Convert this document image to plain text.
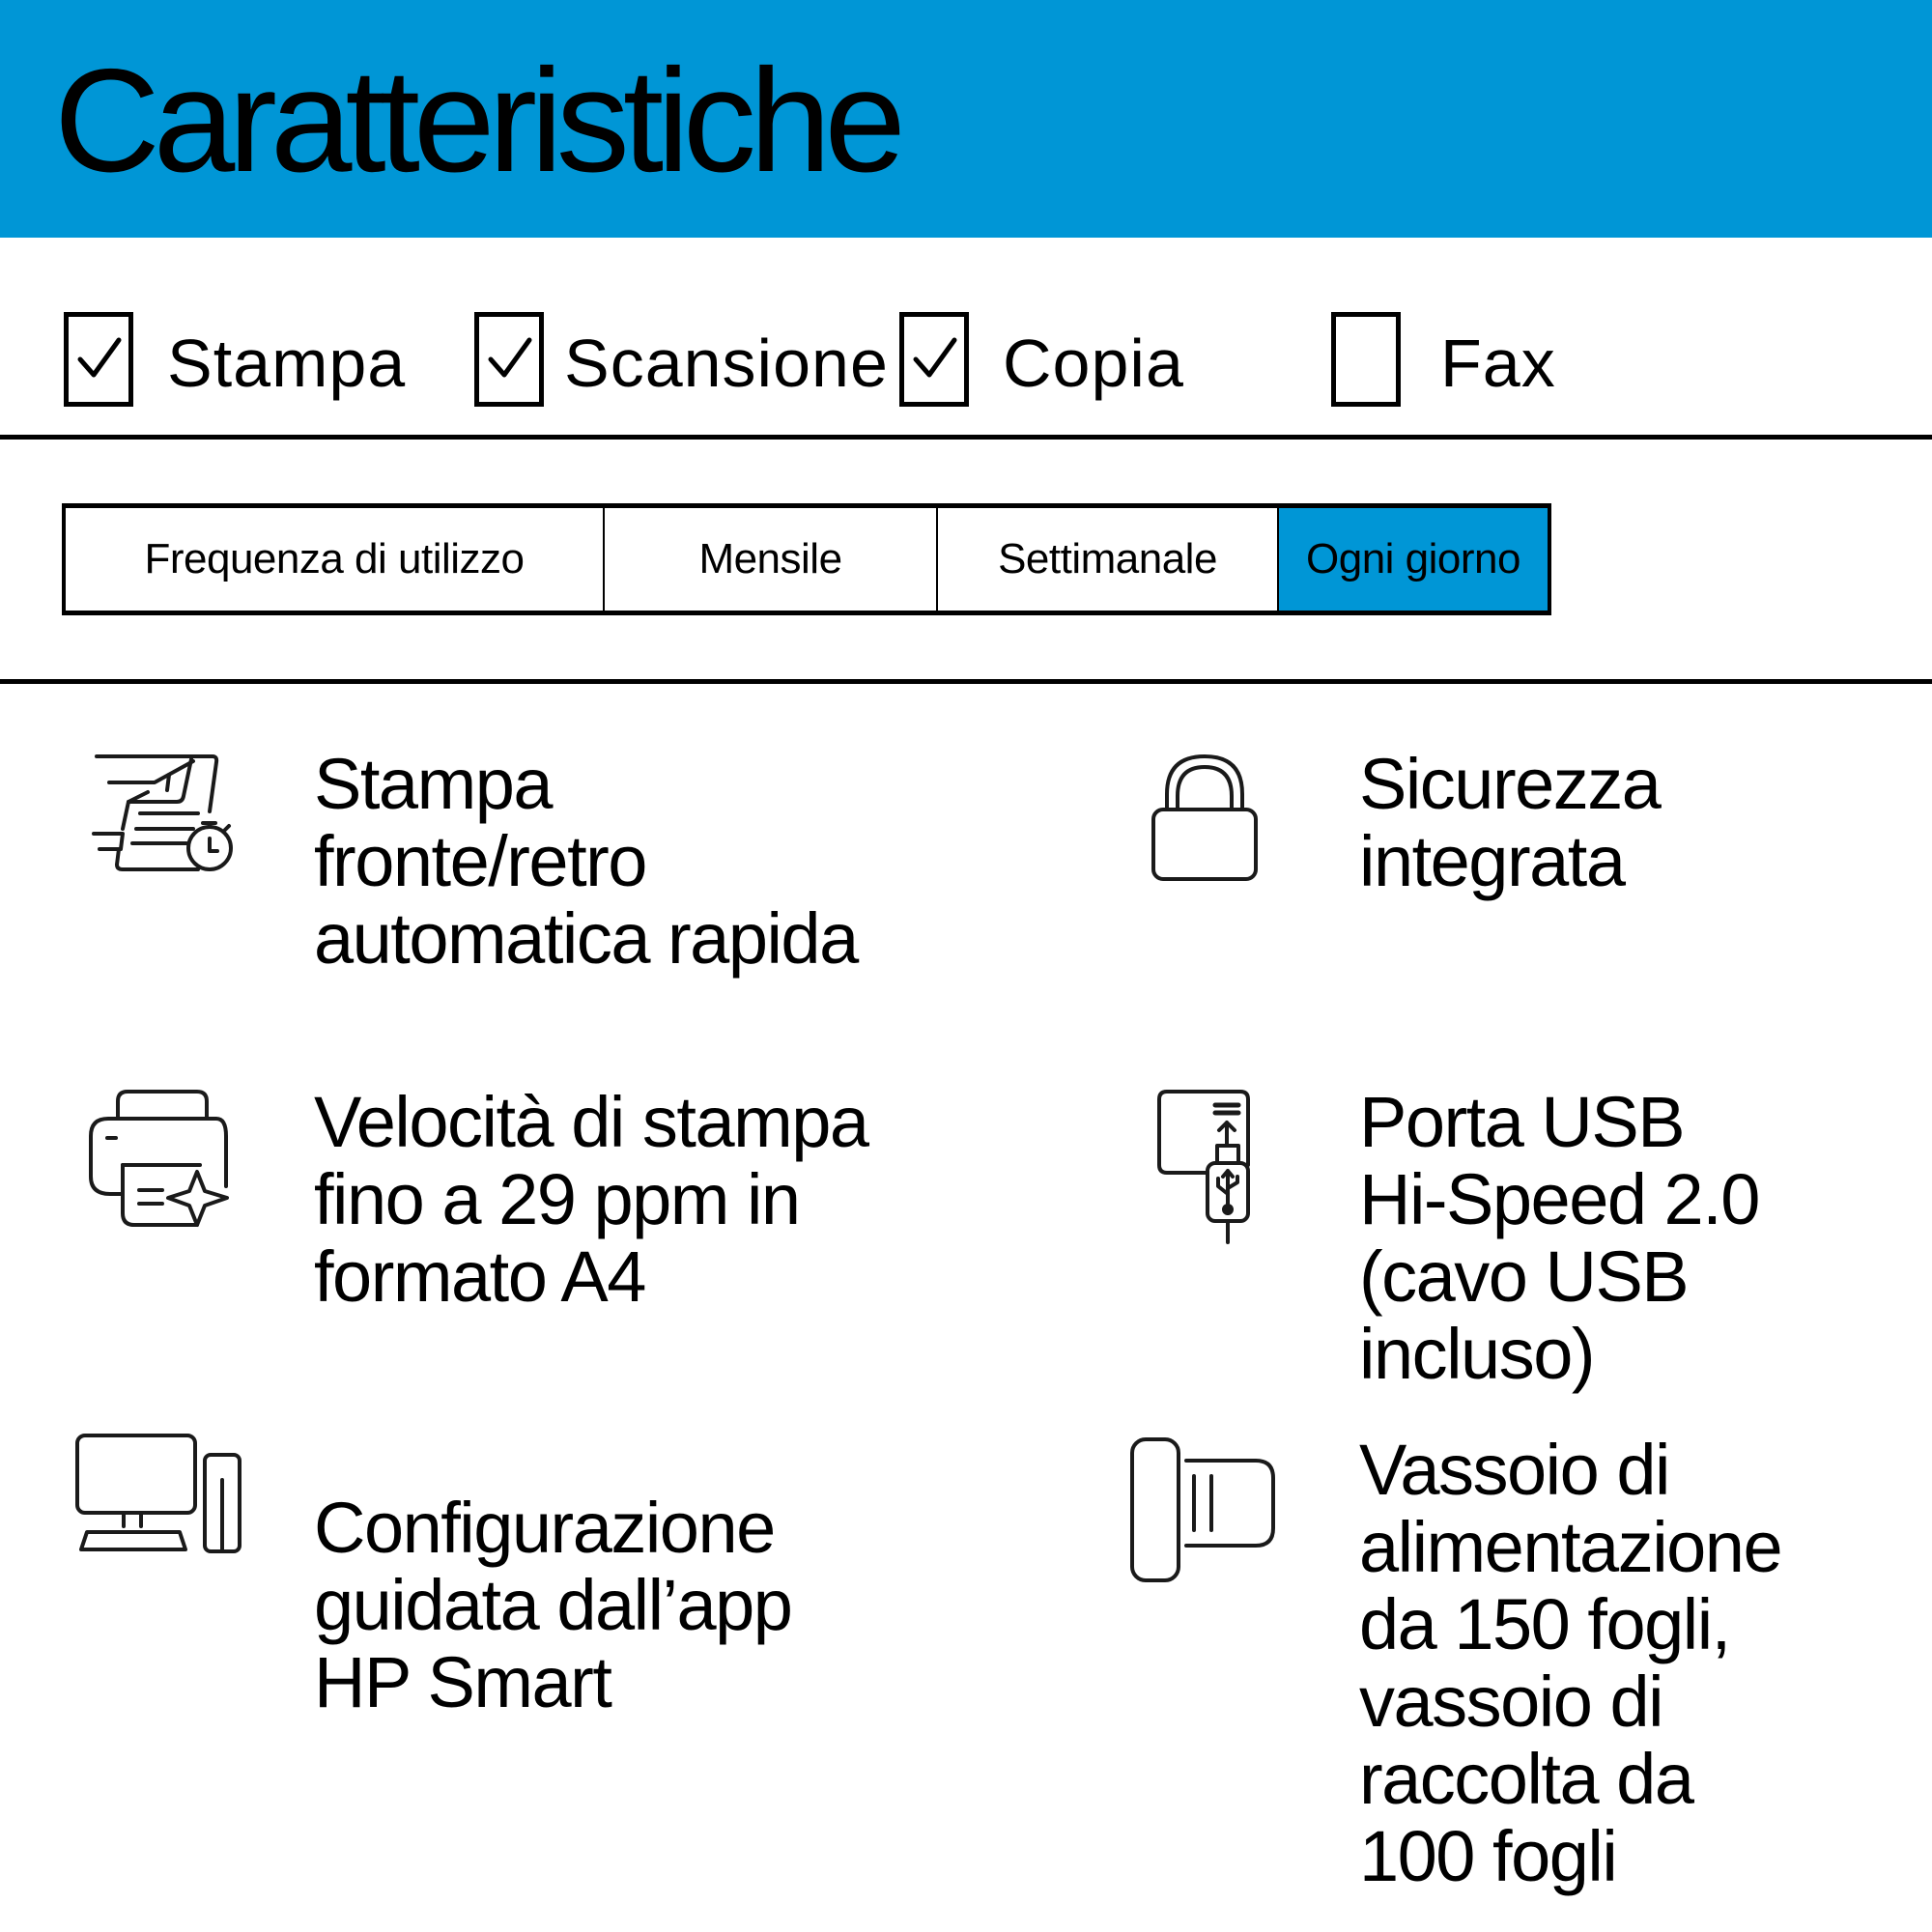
Caratteristiche
Stampa Scansione Copia	Fax
Frequenza di utilizzo	Mensile	Settimanale	Ogni giorno
Stampa
fronte/retro
automatica rapida
Velocità di stampa
fino a 29 ppm in
formato A4
Configurazione
guidata dall’app
HP Smart
Sicurezza
integrata
Porta USB
Hi-Speed 2.0
(cavo USB
incluso)
Vassoio di
alimentazione
da 150 fogli,
vassoio di
raccolta da
100 fogli
